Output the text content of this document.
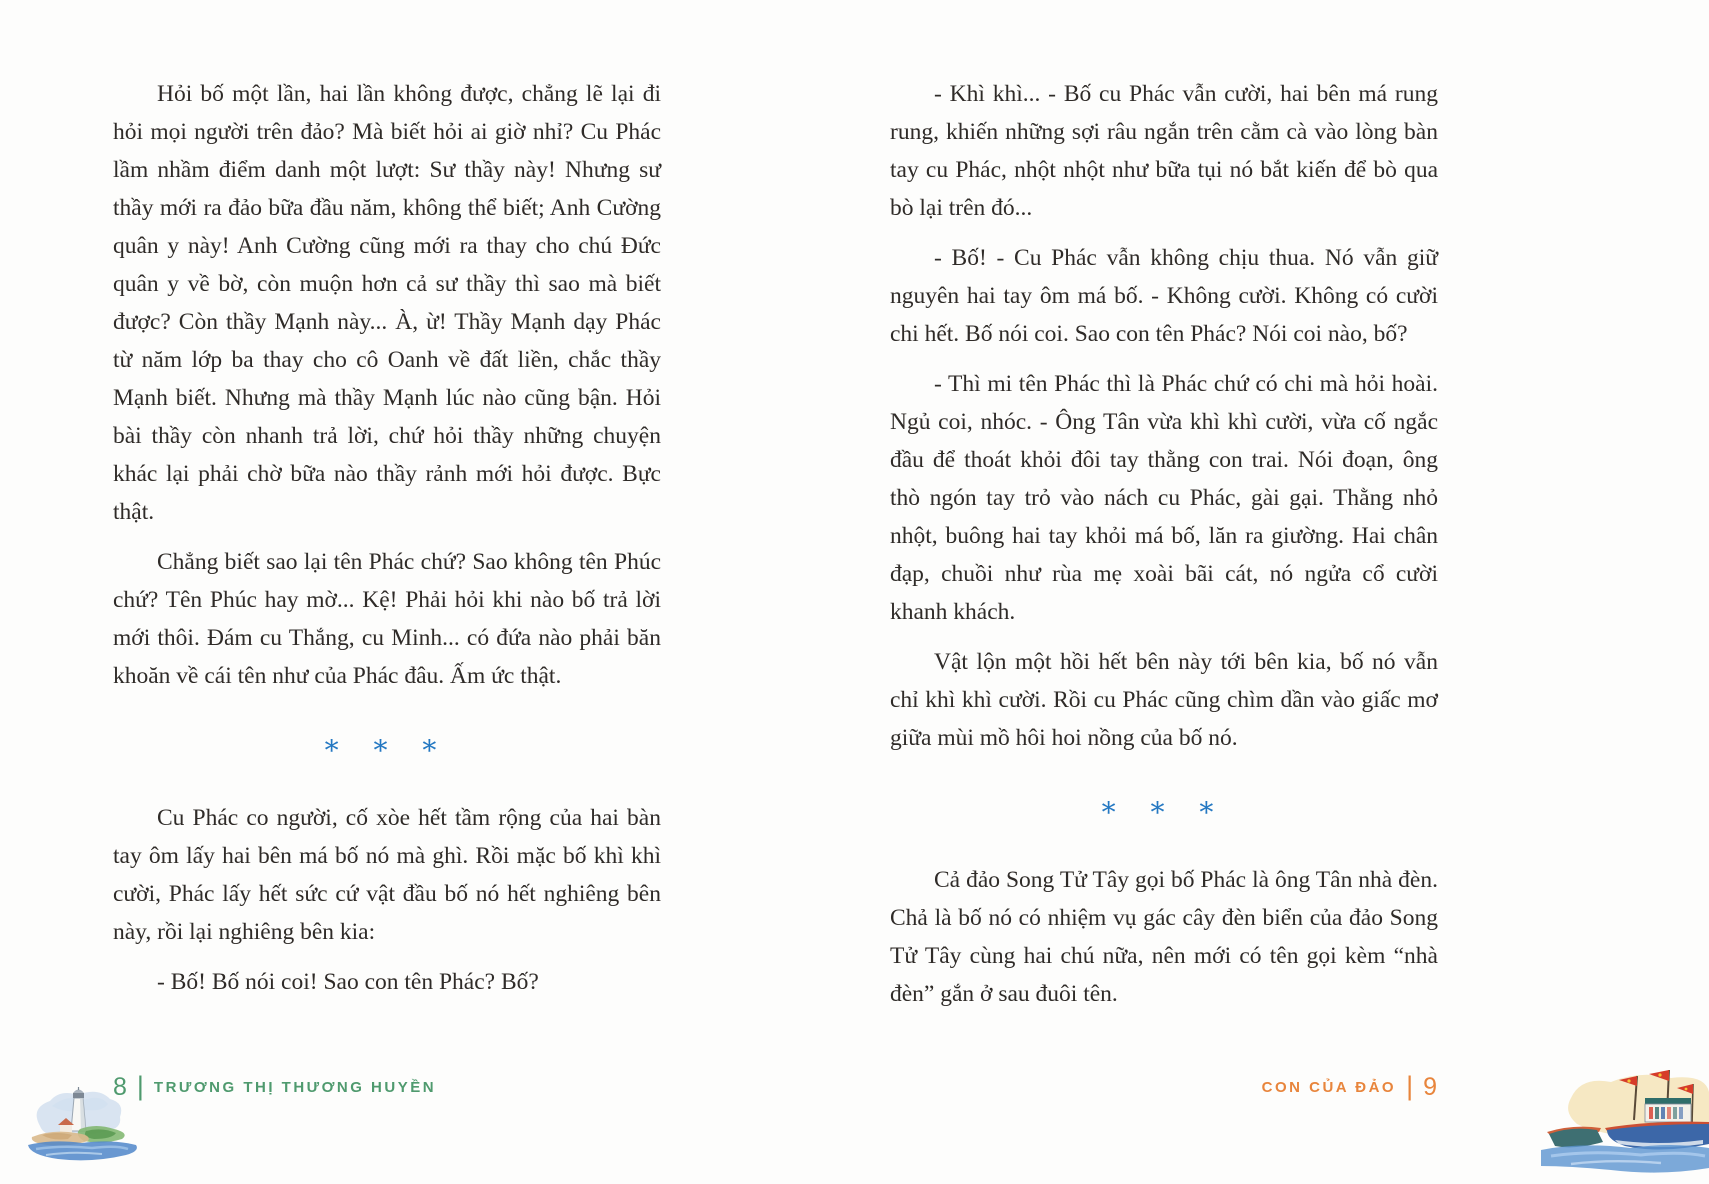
Hỏi bố một lần, hai lần không được, chẳng lẽ lại đi hỏi mọi người trên đảo? Mà biết hỏi ai giờ nhỉ? Cu Phác lầm nhầm điểm danh một lượt: Sư thầy này! Nhưng sư thầy mới ra đảo bữa đầu năm, không thể biết; Anh Cường quân y này! Anh Cường cũng mới ra thay cho chú Đức quân y về bờ, còn muộn hơn cả sư thầy thì sao mà biết được? Còn thầy Mạnh này... À, ừ! Thầy Mạnh dạy Phác từ năm lớp ba thay cho cô Oanh về đất liền, chắc thầy Mạnh biết. Nhưng mà thầy Mạnh lúc nào cũng bận. Hỏi bài thầy còn nhanh trả lời, chứ hỏi thầy những chuyện khác lại phải chờ bữa nào thầy rảnh mới hỏi được. Bực thật.

Chẳng biết sao lại tên Phác chứ? Sao không tên Phúc chứ? Tên Phúc hay mờ... Kệ! Phải hỏi khi nào bố trả lời mới thôi. Đám cu Thắng, cu Minh... có đứa nào phải băn khoăn về cái tên như của Phác đâu. Ấm ức thật.

* * *

Cu Phác co người, cố xòe hết tầm rộng của hai bàn tay ôm lấy hai bên má bố nó mà ghì. Rồi mặc bố khì khì cười, Phác lấy hết sức cứ vật đầu bố nó hết nghiêng bên này, rồi lại nghiêng bên kia:

- Bố! Bố nói coi! Sao con tên Phác? Bố?

- Khì khì... - Bố cu Phác vẫn cười, hai bên má rung rung, khiến những sợi râu ngắn trên cằm cà vào lòng bàn tay cu Phác, nhột nhột như bữa tụi nó bắt kiến để bò qua bò lại trên đó...

- Bố! - Cu Phác vẫn không chịu thua. Nó vẫn giữ nguyên hai tay ôm má bố. - Không cười. Không có cười chi hết. Bố nói coi. Sao con tên Phác? Nói coi nào, bố?

- Thì mi tên Phác thì là Phác chứ có chi mà hỏi hoài. Ngủ coi, nhóc. - Ông Tân vừa khì khì cười, vừa cố ngắc đầu để thoát khỏi đôi tay thằng con trai. Nói đoạn, ông thò ngón tay trỏ vào nách cu Phác, gài gại. Thằng nhỏ nhột, buông hai tay khỏi má bố, lăn ra giường. Hai chân đạp, chuồi như rùa mẹ xoài bãi cát, nó ngửa cổ cười khanh khách.

Vật lộn một hồi hết bên này tới bên kia, bố nó vẫn chỉ khì khì cười. Rồi cu Phác cũng chìm dần vào giấc mơ giữa mùi mồ hôi hoi nồng của bố nó.

* * *

Cả đảo Song Tử Tây gọi bố Phác là ông Tân nhà đèn. Chả là bố nó có nhiệm vụ gác cây đèn biển của đảo Song Tử Tây cùng hai chú nữa, nên mới có tên gọi kèm “nhà đèn” gắn ở sau đuôi tên.

8 | TRƯƠNG THỊ THƯƠNG HUYỀN	CON CỦA ĐẢO | 9
